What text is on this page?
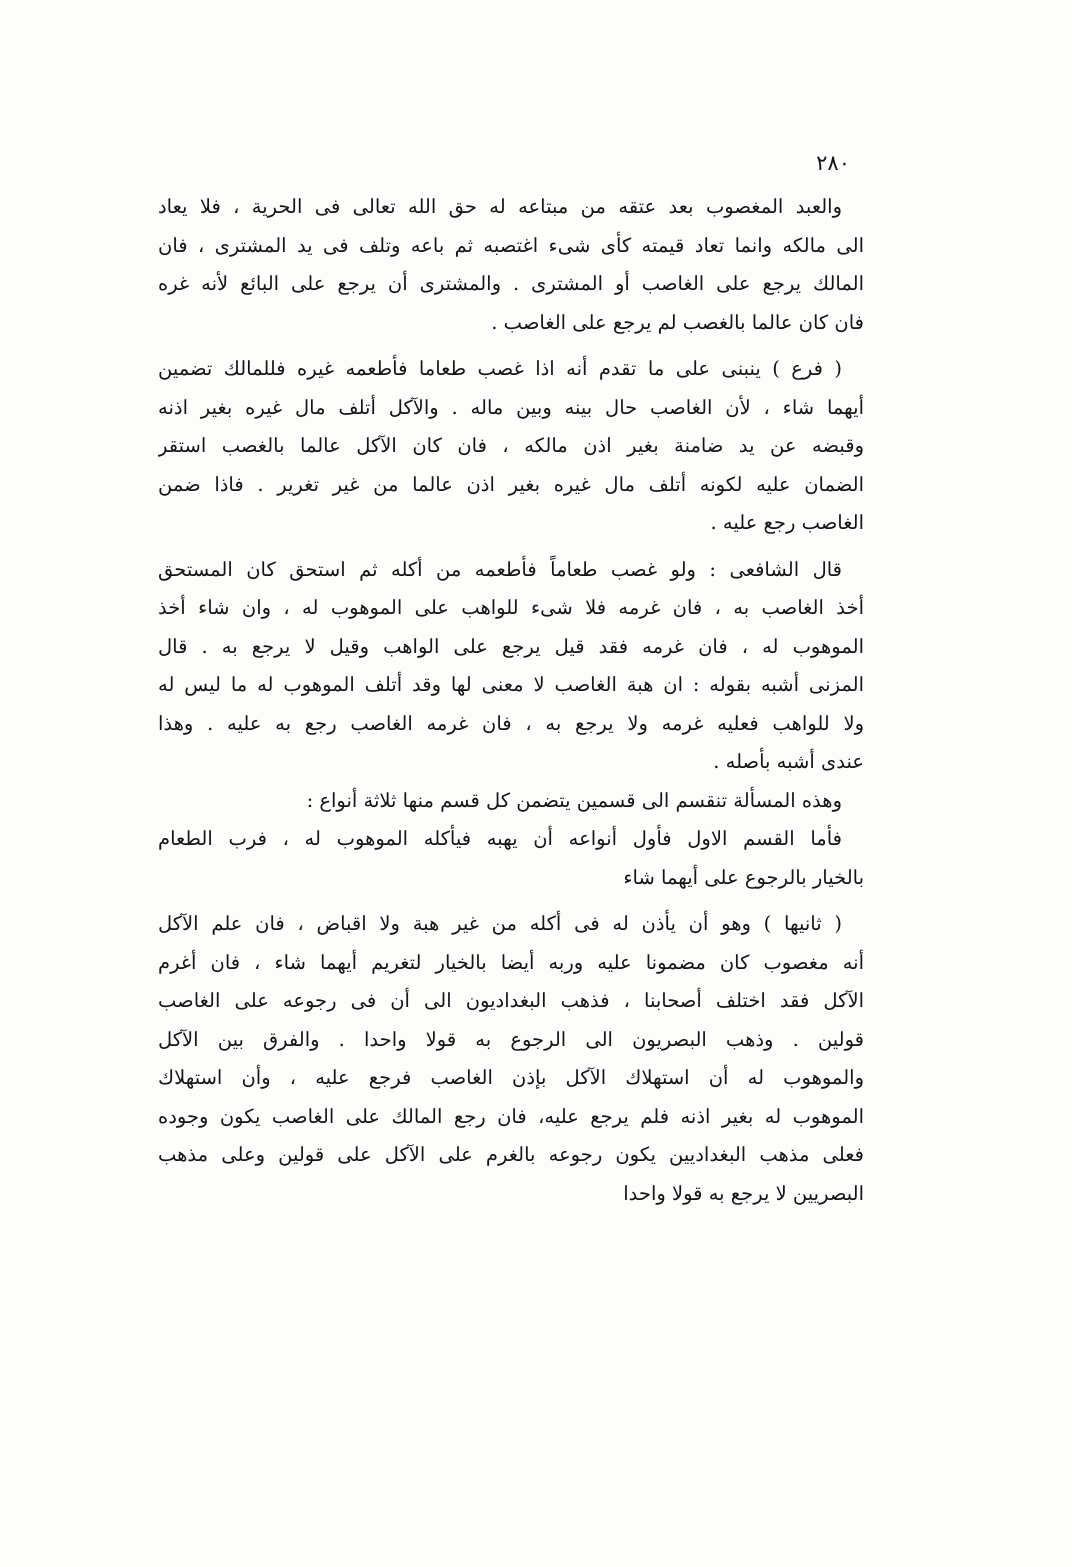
٢٨٠
والعبد المغصوب بعد عتقه من مبتاعه له حق الله تعالى فى الحرية ، فلا يعاد
الى مالكه وانما تعاد قيمته كأى شىء اغتصبه ثم باعه وتلف فى يد المشترى ، فان
المالك يرجع على الغاصب أو المشترى . والمشترى أن يرجع على البائع لأنه غره
فان كان عالما بالغصب لم يرجع على الغاصب .
( فرع ) ينبنى على ما تقدم أنه اذا غصب طعاما فأطعمه غيره فللمالك تضمين
أيهما شاء ، لأن الغاصب حال بينه وبين ماله . والآكل أتلف مال غيره بغير اذنه
وقبضه عن يد ضامنة بغير اذن مالكه ، فان كان الآكل عالما بالغصب استقر
الضمان عليه لكونه أتلف مال غيره بغير اذن عالما من غير تغرير . فاذا ضمن
الغاصب رجع عليه .
قال الشافعى : ولو غصب طعاماً فأطعمه من أكله ثم استحق كان المستحق
أخذ الغاصب به ، فان غرمه فلا شىء للواهب على الموهوب له ، وان شاء أخذ
الموهوب له ، فان غرمه فقد قيل يرجع على الواهب وقيل لا يرجع به . قال
المزنى أشبه بقوله : ان هبة الغاصب لا معنى لها وقد أتلف الموهوب له ما ليس له
ولا للواهب فعليه غرمه ولا يرجع به ، فان غرمه الغاصب رجع به عليه . وهذا
عندى أشبه بأصله .
وهذه المسألة تنقسم الى قسمين يتضمن كل قسم منها ثلاثة أنواع :
فأما القسم الاول فأول أنواعه أن يهبه فيأكله الموهوب له ، فرب الطعام
بالخيار بالرجوع على أيهما شاء
( ثانيها ) وهو أن يأذن له فى أكله من غير هبة ولا اقباض ، فان علم الآكل
أنه مغصوب كان مضمونا عليه وربه أيضا بالخيار لتغريم أيهما شاء ، فان أغرم
الآكل فقد اختلف أصحابنا ، فذهب البغداديون الى أن فى رجوعه على الغاصب
قولين . وذهب البصريون الى الرجوع به قولا واحدا . والفرق بين الآكل
والموهوب له أن استهلاك الآكل بإذن الغاصب فرجع عليه ، وأن استهلاك
الموهوب له بغير اذنه فلم يرجع عليه، فان رجع المالك على الغاصب يكون وجوده
فعلى مذهب البغداديين يكون رجوعه بالغرم على الآكل على قولين وعلى مذهب
البصريين لا يرجع به قولا واحدا
